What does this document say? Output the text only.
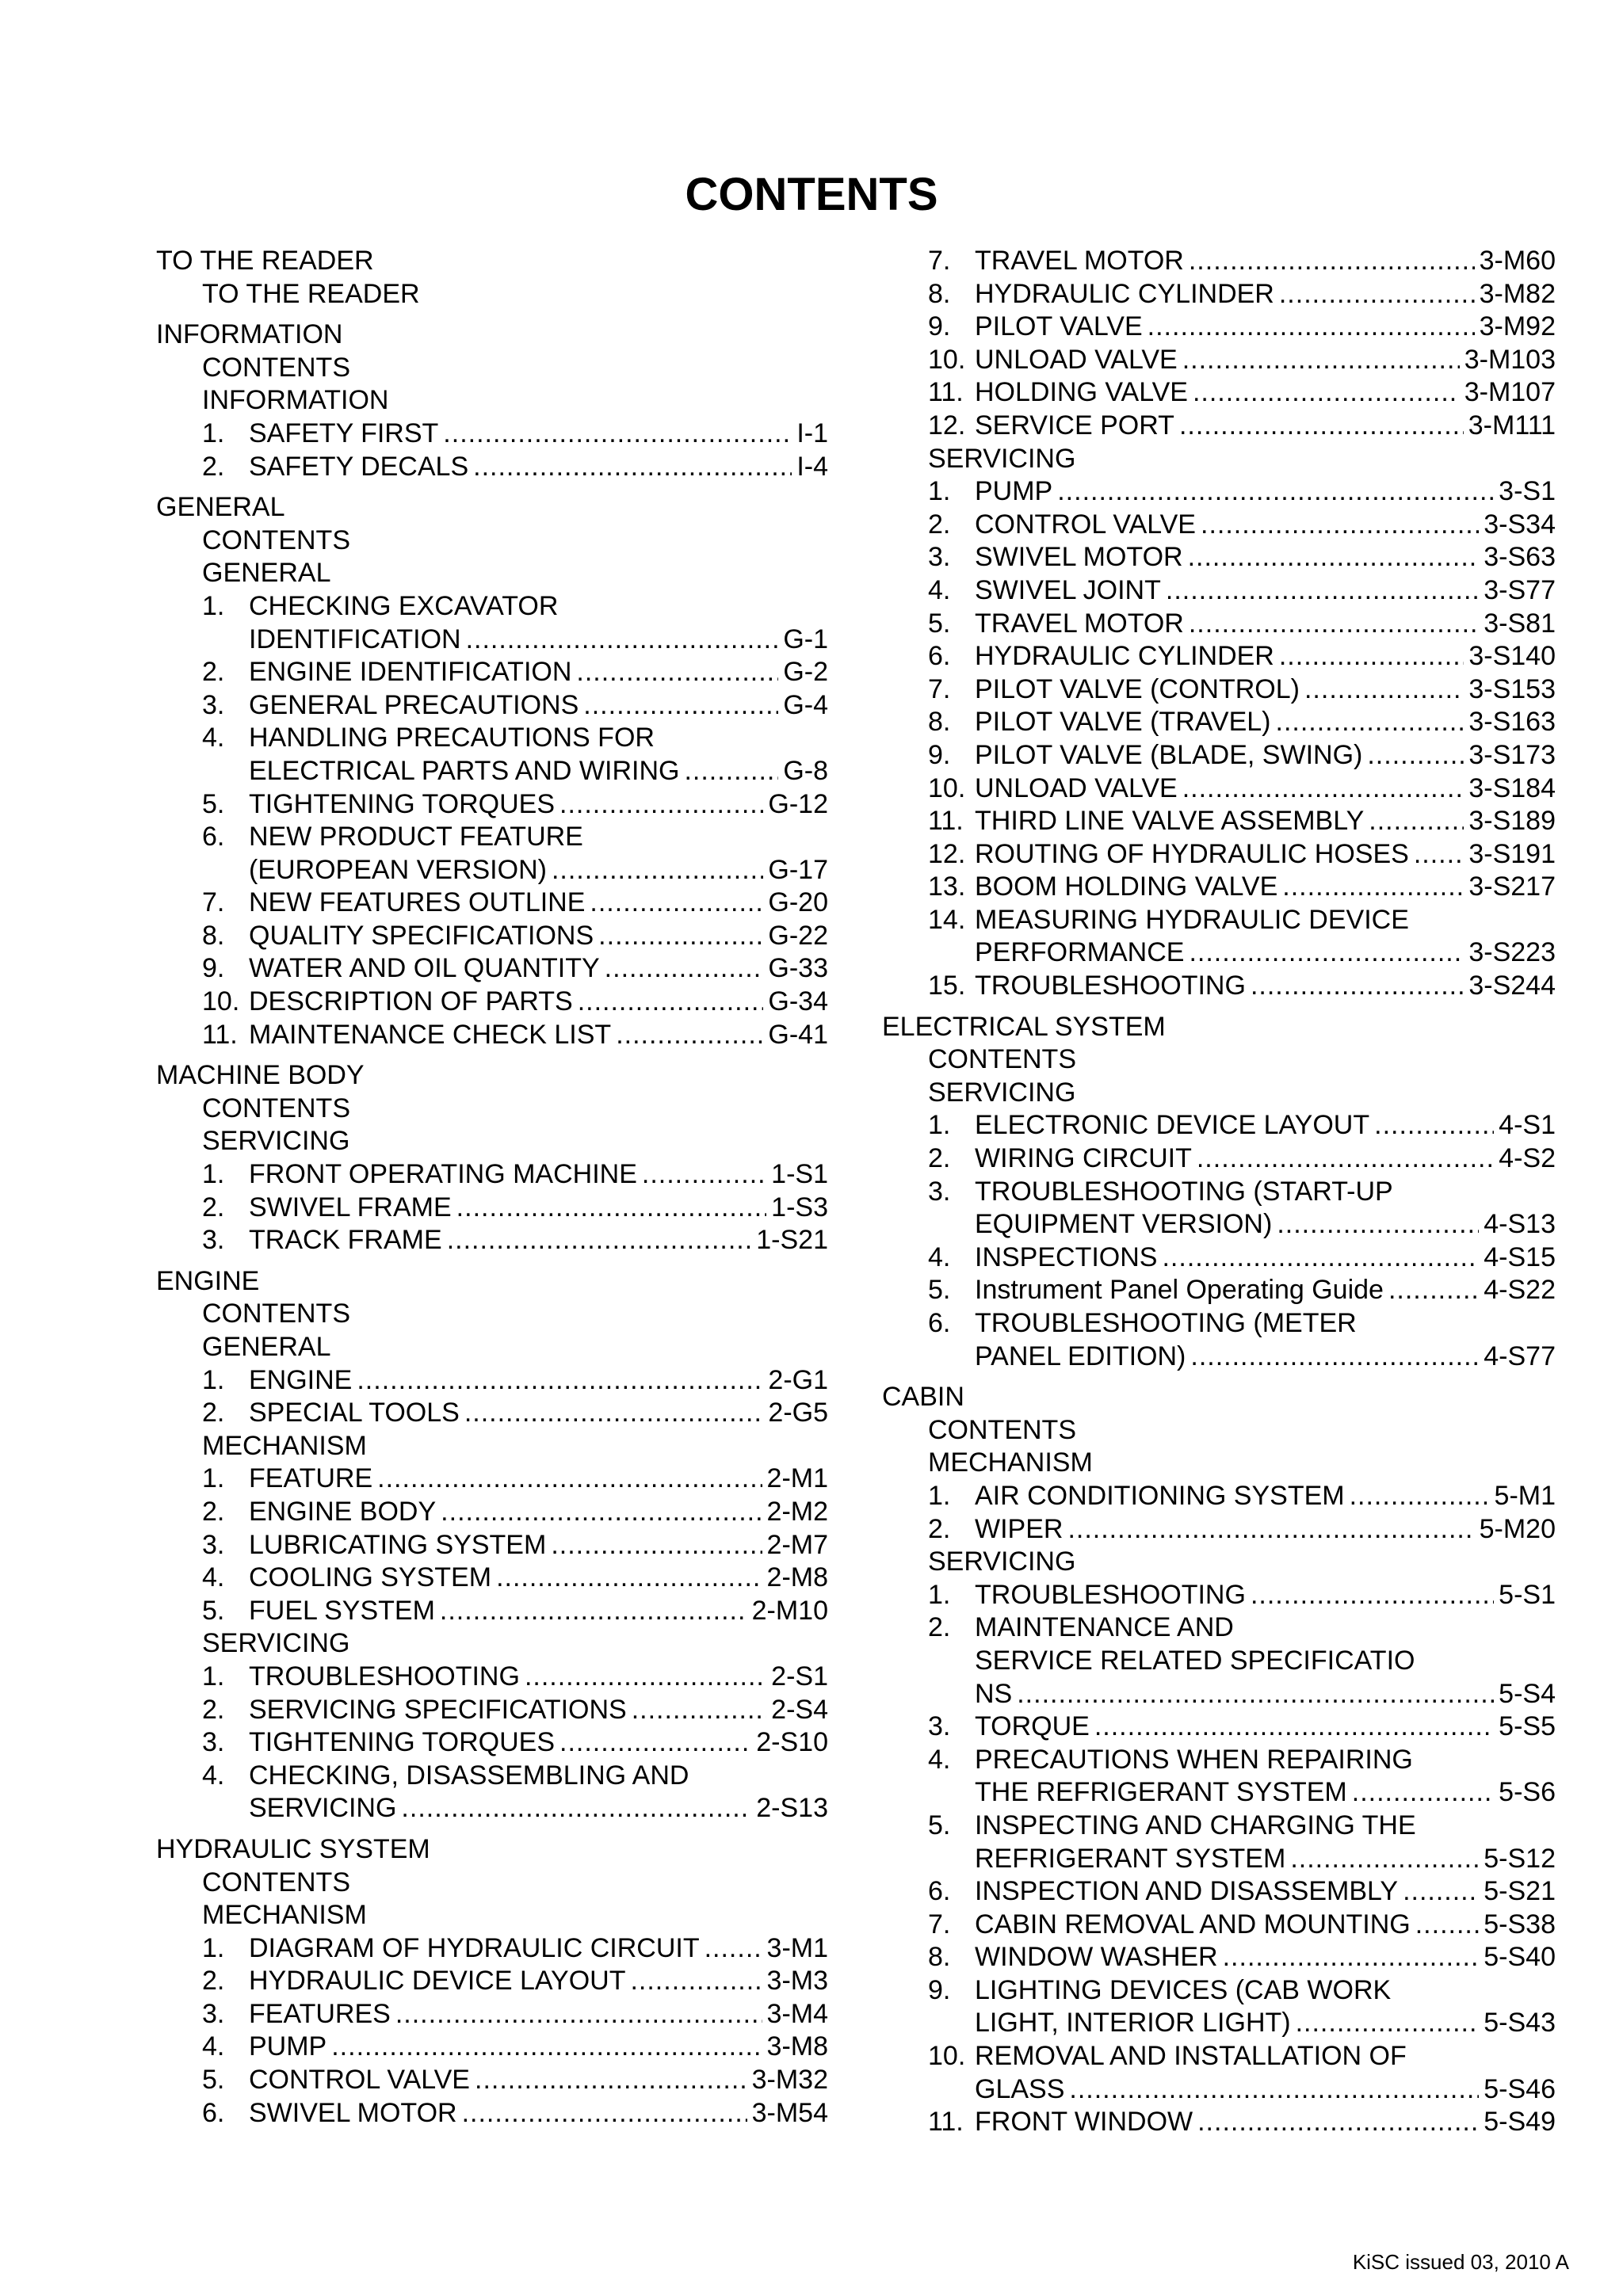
CONTENTS
TO THE READER
TO THE READER
INFORMATION
CONTENTS
INFORMATION
1. SAFETY FIRST .....	I-1
2. SAFETY DECALS .....	I-4
GENERAL
CONTENTS
GENERAL
1. CHECKING EXCAVATOR
IDENTIFICATION .....	G-1
2. ENGINE IDENTIFICATION .....	G-2
3. GENERAL PRECAUTIONS .....	G-4
4. HANDLING PRECAUTIONS FOR
ELECTRICAL PARTS AND WIRING .....	G-8
5. TIGHTENING TORQUES .....	G-12
6. NEW PRODUCT FEATURE
(EUROPEAN VERSION) .....	G-17
7. NEW FEATURES OUTLINE .....	G-20
8. QUALITY SPECIFICATIONS .....	G-22
9. WATER AND OIL QUANTITY .....	G-33
10. DESCRIPTION OF PARTS .....	G-34
11. MAINTENANCE CHECK LIST .....	G-41
MACHINE BODY
CONTENTS
SERVICING
1. FRONT OPERATING MACHINE .....	1-S1
2. SWIVEL FRAME .....	1-S3
3. TRACK FRAME .....	1-S21
ENGINE
CONTENTS
GENERAL
1. ENGINE .....	2-G1
2. SPECIAL TOOLS .....	2-G5
MECHANISM
1. FEATURE .....	2-M1
2. ENGINE BODY .....	2-M2
3. LUBRICATING SYSTEM .....	2-M7
4. COOLING SYSTEM .....	2-M8
5. FUEL SYSTEM .....	2-M10
SERVICING
1. TROUBLESHOOTING .....	2-S1
2. SERVICING SPECIFICATIONS .....	2-S4
3. TIGHTENING TORQUES .....	2-S10
4. CHECKING, DISASSEMBLING AND
SERVICING .....	2-S13
HYDRAULIC SYSTEM
CONTENTS
MECHANISM
1. DIAGRAM OF HYDRAULIC CIRCUIT ..... 3-M1
2. HYDRAULIC DEVICE LAYOUT .....	3-M3
3. FEATURES .....	3-M4
4. PUMP .....	3-M8
5. CONTROL VALVE .....	3-M32
6. SWIVEL MOTOR .....	3-M54
7. TRAVEL MOTOR .....	3-M60
8. HYDRAULIC CYLINDER .....	3-M82
9. PILOT VALVE .....	3-M92
10. UNLOAD VALVE .....	3-M103
11. HOLDING VALVE .....	3-M107
12. SERVICE PORT .....	3-M111
SERVICING
1. PUMP .....	3-S1
2. CONTROL VALVE .....	3-S34
3. SWIVEL MOTOR .....	3-S63
4. SWIVEL JOINT .....	3-S77
5. TRAVEL MOTOR .....	3-S81
6. HYDRAULIC CYLINDER .....	3-S140
7. PILOT VALVE (CONTROL) .....	3-S153
8. PILOT VALVE (TRAVEL) .....	3-S163
9. PILOT VALVE (BLADE, SWING) .....	3-S173
10. UNLOAD VALVE .....	3-S184
11. THIRD LINE VALVE ASSEMBLY .....	3-S189
12. ROUTING OF HYDRAULIC HOSES ..... 3-S191
13. BOOM HOLDING VALVE .....	3-S217
14. MEASURING HYDRAULIC DEVICE
PERFORMANCE .....	3-S223
15. TROUBLESHOOTING .....	3-S244
ELECTRICAL SYSTEM
CONTENTS
SERVICING
1. ELECTRONIC DEVICE LAYOUT .....	4-S1
2. WIRING CIRCUIT .....	4-S2
3. TROUBLESHOOTING (START-UP
EQUIPMENT VERSION) .....	4-S13
4. INSPECTIONS .....	4-S15
5. Instrument Panel Operating Guide .....	4-S22
6. TROUBLESHOOTING (METER
PANEL EDITION) .....	4-S77
CABIN
CONTENTS
MECHANISM
1. AIR CONDITIONING SYSTEM .....	5-M1
2. WIPER .....	5-M20
SERVICING
1. TROUBLESHOOTING .....	5-S1
2. MAINTENANCE AND
SERVICE RELATED SPECIFICATIO
NS .....	5-S4
3. TORQUE .....	5-S5
4. PRECAUTIONS WHEN REPAIRING
THE REFRIGERANT SYSTEM .....	5-S6
5. INSPECTING AND CHARGING THE
REFRIGERANT SYSTEM .....	5-S12
6. INSPECTION AND DISASSEMBLY .....	5-S21
7. CABIN REMOVAL AND MOUNTING .....	5-S38
8. WINDOW WASHER .....	5-S40
9. LIGHTING DEVICES (CAB WORK
LIGHT, INTERIOR LIGHT) .....	5-S43
10. REMOVAL AND INSTALLATION OF
GLASS .....	5-S46
11. FRONT WINDOW .....	5-S49
KiSC issued 03, 2010 A
